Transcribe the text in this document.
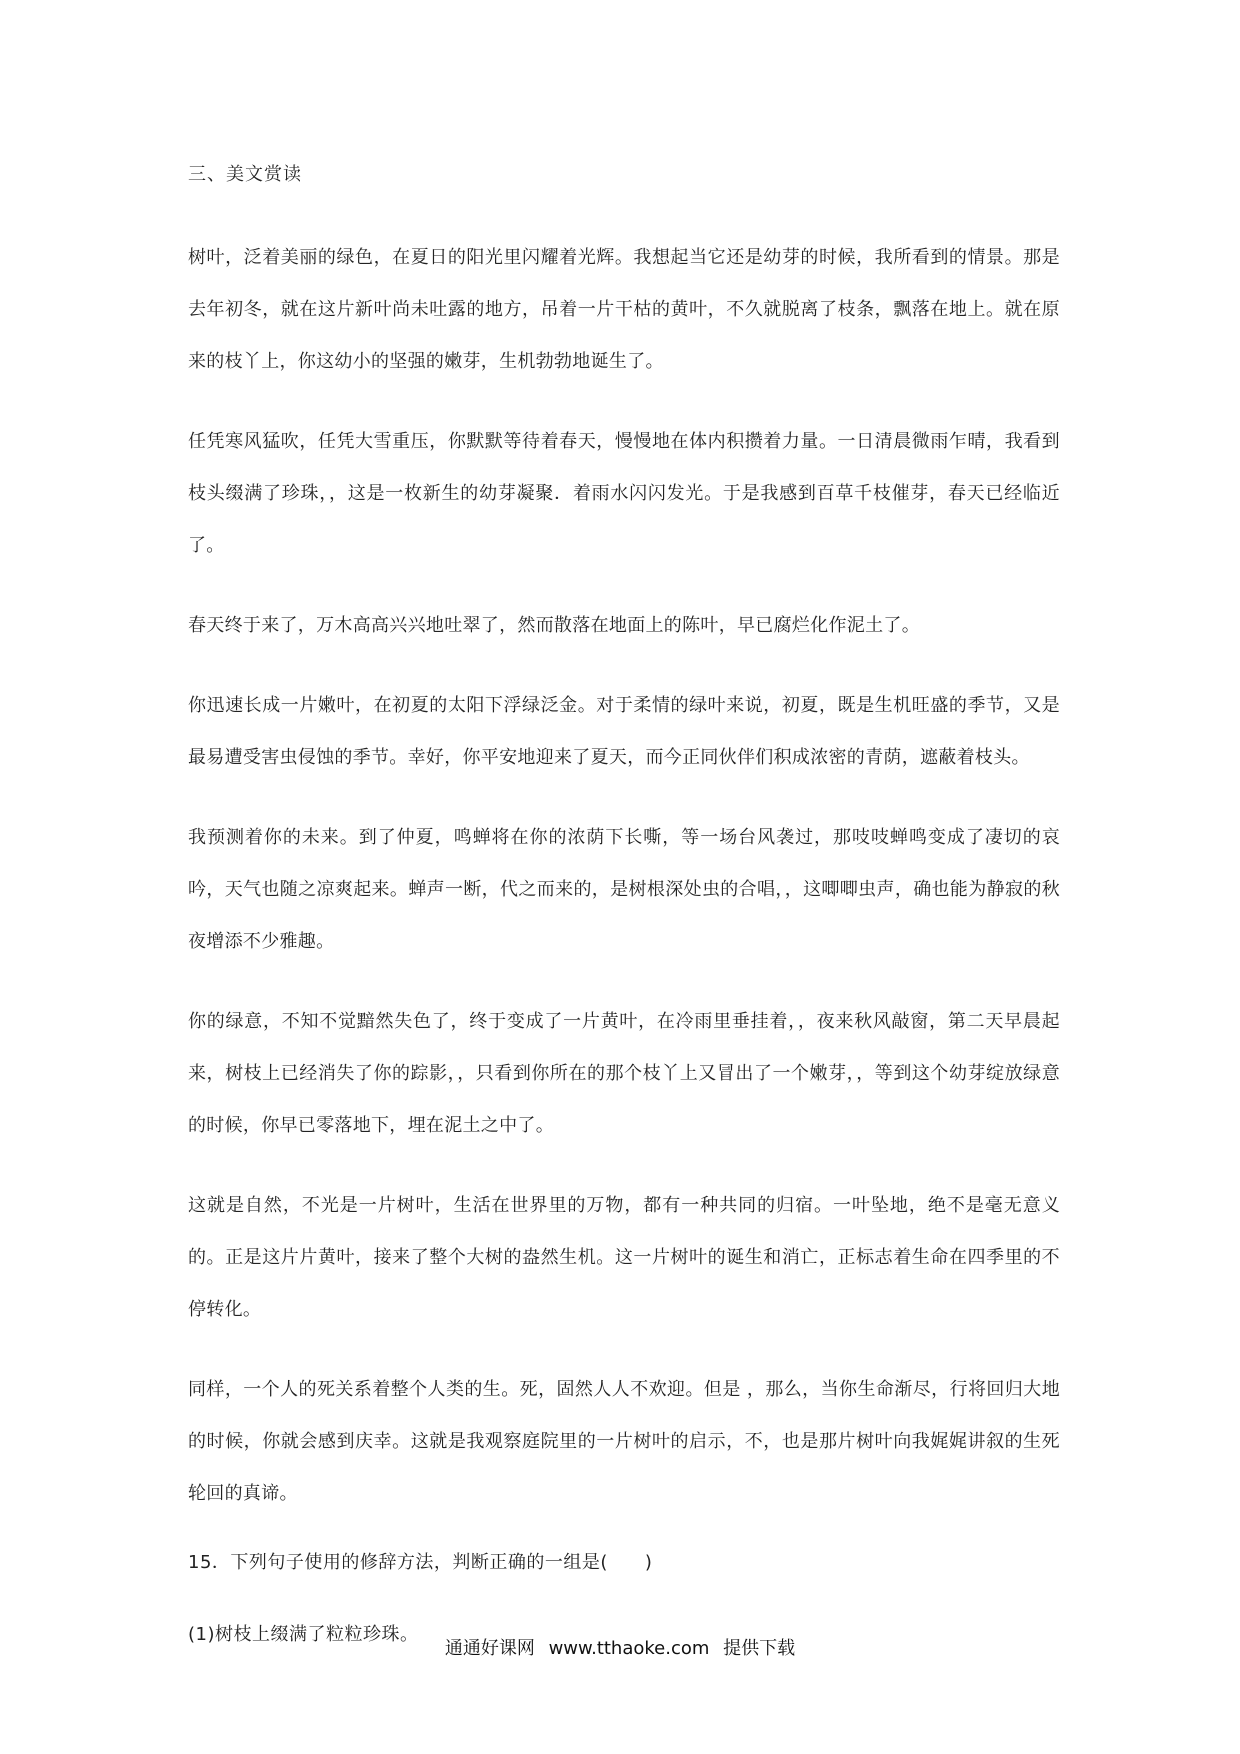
三、美文赏读

树叶，泛着美丽的绿色，在夏日的阳光里闪耀着光辉。我想起当它还是幼芽的时候，我所看到的情景。那是去年初冬，就在这片新叶尚未吐露的地方，吊着一片干枯的黄叶，不久就脱离了枝条，飘落在地上。就在原来的枝丫上，你这幼小的坚强的嫩芽，生机勃勃地诞生了。

任凭寒风猛吹，任凭大雪重压，你默默等待着春天，慢慢地在体内积攒着力量。一日清晨微雨乍晴，我看到枝头缀满了珍珠，，这是一枚新生的幼芽凝聚．着雨水闪闪发光。于是我感到百草千枝催芽，春天已经临近了。

春天终于来了，万木高高兴兴地吐翠了，然而散落在地面上的陈叶，早已腐烂化作泥土了。

你迅速长成一片嫩叶，在初夏的太阳下浮绿泛金。对于柔情的绿叶来说，初夏，既是生机旺盛的季节，又是最易遭受害虫侵蚀的季节。幸好，你平安地迎来了夏天，而今正同伙伴们积成浓密的青荫，遮蔽着枝头。

我预测着你的未来。到了仲夏，鸣蝉将在你的浓荫下长嘶，等一场台风袭过，那吱吱蝉鸣变成了凄切的哀吟，天气也随之凉爽起来。蝉声一断，代之而来的，是树根深处虫的合唱，，这唧唧虫声，确也能为静寂的秋夜增添不少雅趣。

你的绿意，不知不觉黯然失色了，终于变成了一片黄叶，在冷雨里垂挂着，，夜来秋风敲窗，第二天早晨起来，树枝上已经消失了你的踪影，，只看到你所在的那个枝丫上又冒出了一个嫩芽，，等到这个幼芽绽放绿意的时候，你早已零落地下，埋在泥土之中了。

这就是自然，不光是一片树叶，生活在世界里的万物，都有一种共同的归宿。一叶坠地，绝不是毫无意义的。正是这片片黄叶，接来了整个大树的盎然生机。这一片树叶的诞生和消亡，正标志着生命在四季里的不停转化。

同样，一个人的死关系着整个人类的生。死，固然人人不欢迎。但是 ，那么，当你生命渐尽，行将回归大地的时候，你就会感到庆幸。这就是我观察庭院里的一片树叶的启示，不，也是那片树叶向我娓娓讲叙的生死轮回的真谛。

15．下列句子使用的修辞方法，判断正确的一组是(　　)
(1)树枝上缀满了粒粒珍珠。
通通好课网 www.tthaoke.com 提供下载
